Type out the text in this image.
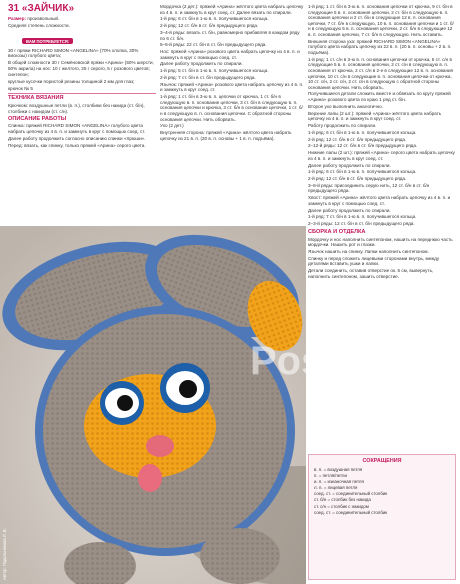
31 «ЗАЙЧИК»
Размер: произвольный.
Средняя степень сложности.
ВАМ ПОТРЕБУЕТСЯ:
30 г пряжи RICHARD SIMON «ANGELINA» (70% хлопка, 30% вискозы) голубого цвета;
В общей сложности 30 г Семёновской пряжи «Арина» (50% шерсти, 50% акрила) на нос: 10 г желтого, 25 г серого, 5 г розового цветов;
синтепон;
круглые кусочки пористой резины толщиной 2 мм для глаз;
крючок № 5
ТЕХНИКА ВЯЗАНИЯ
Крючком: воздушные петли (в. п.), столбики без накида (ст. б/н), столбики с накидом (ст. с/н).
ОПИСАНИЕ РАБОТЫ
Спинка: пряжей RICHARD SIMON «ANGELINA» голубого цвета набрать цепочку из 4 в. п. и замкнуть в круг с помощью соед. ст.
Далее работу продолжить согласно описанию спинки «Хрюши».
Перед: вязать, как спинку, только пряжей «Арина» серого цвета.
Мордочка (2 дет.): пряжей «Арина» жёлтого цвета набрать цепочку из 4 в. п. и замкнуть в круг соед. ст. Далее вязать по спирали.
1-й ряд: 6 ст. б/н в 1-ю в. п. получившегося кольца.
2-й ряд: 12 ст. б/н в ст. б/н предыдущего ряда.
3–4-й ряды: вязать ст. б/н, равномерно прибавляя в каждом ряду по 6 ст. б/н.
5–6-й ряды: 22 ст. б/н в ст. б/н предыдущего ряда.
Нос: пряжей «Арина» розового цвета набрать цепочку из 4 в. п. и замкнуть в круг с помощью соед. ст.
Далее работу продолжить по спирали.
1-й ряд: 5 ст. б/н в 1-ю в. п. получившегося кольца.
2-й ряд: 7 ст. б/н в ст. б/н предыдущего ряда.
Язычок: пряжей «Арина» розового цвета набрать цепочку из 4 в. п. и замкнуть в круг соед. ст.
1-й ряд: 1 ст. б/н в 3-ю в. п. цепочки от крючка, 1 ст. б/н в следующую в. п. основание цепочки, 3 ст. б/н в следующую в. п. основания цепочки и крючка, 3 ст. б/н в основание цепочки, 1 ст. б/н в следующую в. п. основания цепочки. С обратной стороны основания цепочки. Нить оборвать.
Ухо (2 дет.)
Внутренняя сторона: пряжей «Арина» жёлтого цвета набрать цепочку из 21 в. п. (20 в. п. основы + 1 в. п. подъёма).
1-й ряд: 1 ст. б/н в 3-ю в. п. основания цепочки от крючка, 9 ст. б/н в следующие 5 в. п. основания цепочки, 2 ст. б/н в следующую в. п. основания цепочки и 2 ст. б/н в следующие 12 в. п. основания цепочки, 7 ст. б/н в следующую, 10 в. п. основания цепочки и 1 ст. б/н в следующую 5 в. п. основания цепочки, 2 ст. б/н в следующие 12 в. п. основания цепочки, 7 ст. б/н в следующую. Нить оставить.
Внешняя сторона уха: пряжей RICHARD SIMON «ANGELINA» голубого цвета набрать цепочку из 22 в. п. (20 в. п. основы + 2 в. п. подъёма).
1-й ряд: 1 ст. с/н в 3-ю в. п. основания цепочки от крючка, 5 ст. с/н в следующие 5 в. п. основания цепочки, 2 ст. с/н в следующую в. п. основания от крючка, 2 ст. с/н в 2-е в следующие 12 в. п. основания цепочки, 10 ст. с/н в следующие в. п. основания цепочки от крючка, 10 ст. с/н, 2 ст. с/н, 2 ст. с/н в следующую с обратной стороны основания цепочки. Нить оборвать.
Получившиеся детали сложить вместе и обвязать по кругу пряжей «Арина» розового цвета по краю 1 ряд ст. б/н.
Второе ухо выполнить аналогично.
Верхние лапы (2 шт.): пряжей «Арина» жёлтого цвета набрать цепочку из 4 в. п. и замкнуть в круг соед. ст.
Работу продолжить по спирали.
1-й ряд: 6 ст. б/н в 1-ю в. п. получившегося кольца.
2-й ряд: 12 ст. б/н в ст. б/н предыдущего ряда.
2–12-й ряды: 12 ст. б/н в ст. б/н предыдущего ряда.
Нижние лапы (2 шт.): пряжей «Арина» серого цвета набрать цепочку из 4 в. п. и замкнуть в круг соед. ст.
Далее работу продолжить по спирали.
1-й ряд: 6 ст. б/н в 1-ю в. п. получившегося кольца.
2-й ряд: 12 ст. б/н в ст. б/н предыдущего ряда.
3–8-й ряды: присоединить серую нить, 12 ст. б/н в ст. б/н предыдущего ряда.
Хвост: пряжей «Арина» жёлтого цвета набрать цепочку из 4 в. п. и замкнуть в круг с помощью соед. ст.
Далее работу продолжить по спирали.
1-й ряд: 7 ст. б/н в 1-ю в. п. получившегося кольца.
2–3-й ряды: 12 ст. б/н в ст. б/н предыдущего ряда.
СБОРКА И ОТДЕЛКА
Мордочку и нос наполнить синтепоном, нашить на переднюю часть мордочки. Нашить рот и глазки.
Язычок нашить на спинку. Лапки наполнить синтепоном.
Спинку и перед сложить лицевыми сторонами внутрь, между деталями вставить ушки и лапки.
Детали соединить, оставив отверстие ок. 5 см, вывернуть, наполнить синтепоном, зашить отверстие.
Автор: Подольникова Л. В.
Pos m
СОКРАЩЕНИЯ
в. п. = воздушная петля
п. = петля/петли
и. п. = изнаночная петля
л. п. = лицевая петля
соед. ст. = соединительный столбик
ст. б/н = столбик без накида
ст. с/н = столбик с накидом
соед. ст. = соединительный столбик
